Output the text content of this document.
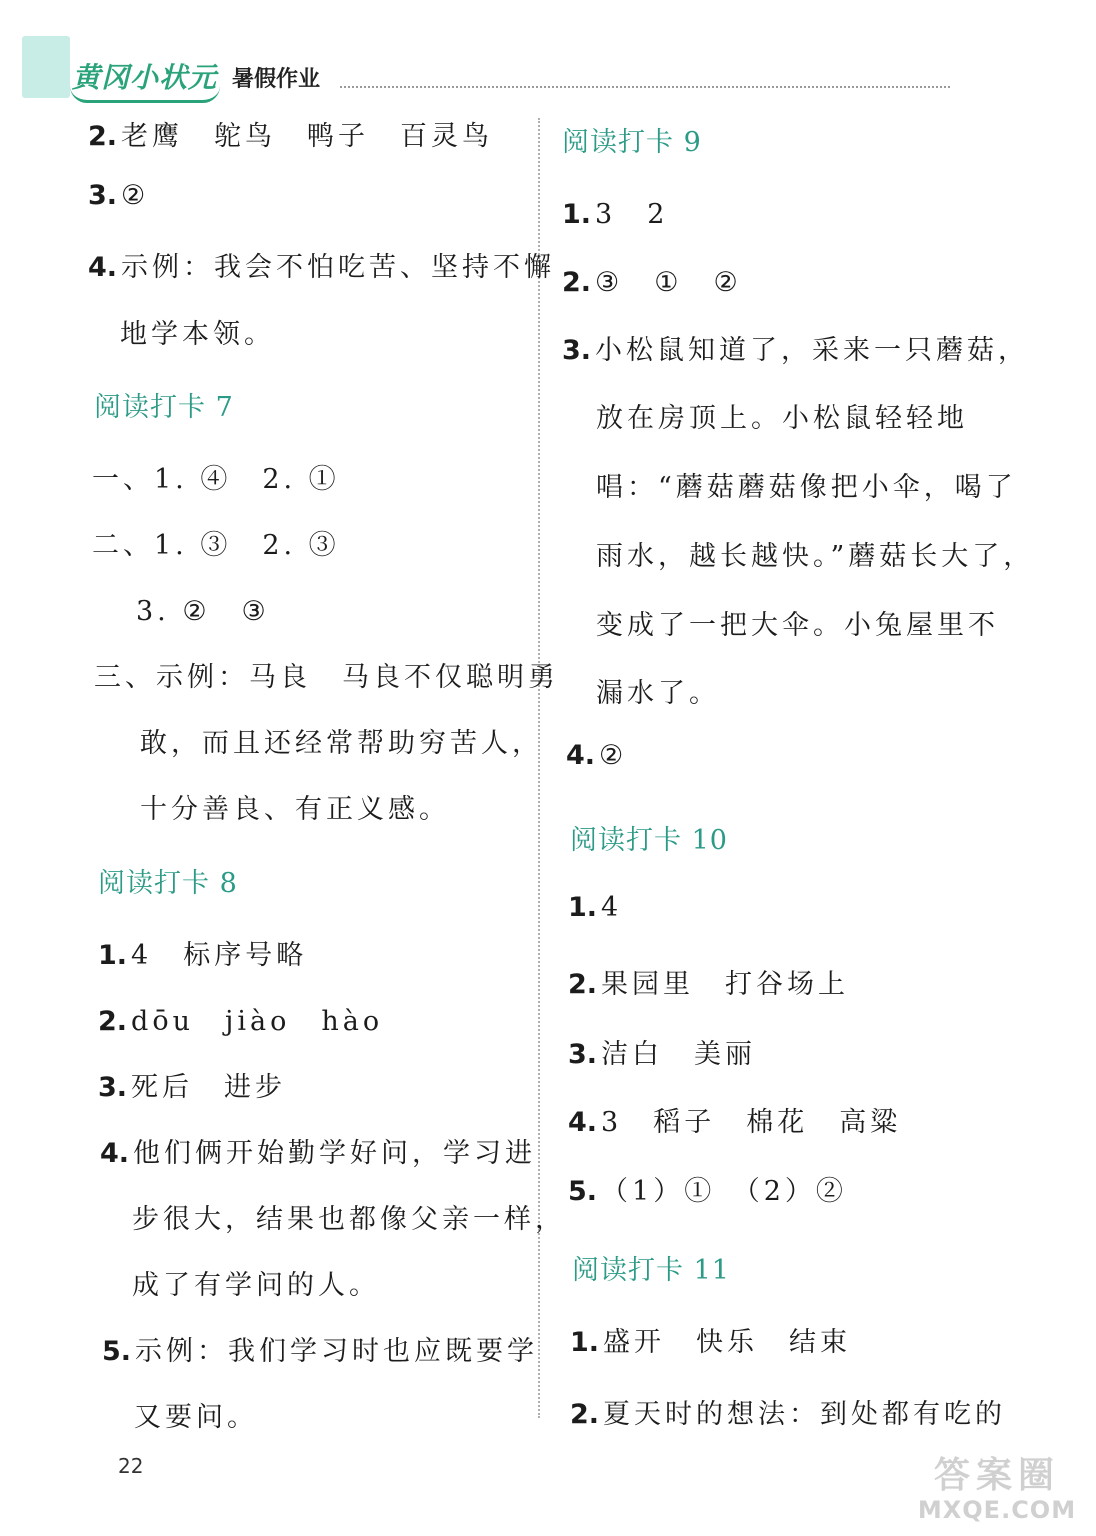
黄冈小状元 暑假作业
2. 老鹰　鸵鸟　鸭子　百灵鸟
3. ②
4. 示例：我会不怕吃苦、坚持不懈
地学本领。
阅读打卡 7
一、1. ④　2. ①
二、1. ③　2. ③
3. ②　③
三、示例：马良　马良不仅聪明勇
敢，而且还经常帮助穷苦人，
十分善良、有正义感。
阅读打卡 8
1. 4　标序号略
2. dōu　jiào　hào
3. 死后　进步
4. 他们俩开始勤学好问，学习进
步很大，结果也都像父亲一样，
成了有学问的人。
5. 示例：我们学习时也应既要学
又要问。
阅读打卡 9
1. 3　2
2. ③　①　②
3. 小松鼠知道了，采来一只蘑菇，
放在房顶上。小松鼠轻轻地
唱：“蘑菇蘑菇像把小伞，喝了
雨水，越长越快。”蘑菇长大了，
变成了一把大伞。小兔屋里不
漏水了。
4. ②
阅读打卡 10
1. 4
2. 果园里　打谷场上
3. 洁白　美丽
4. 3　稻子　棉花　高粱
5. （1）①　（2）②
阅读打卡 11
1. 盛开　快乐　结束
2. 夏天时的想法：到处都有吃的
22	答案圈
MXQE.COM
